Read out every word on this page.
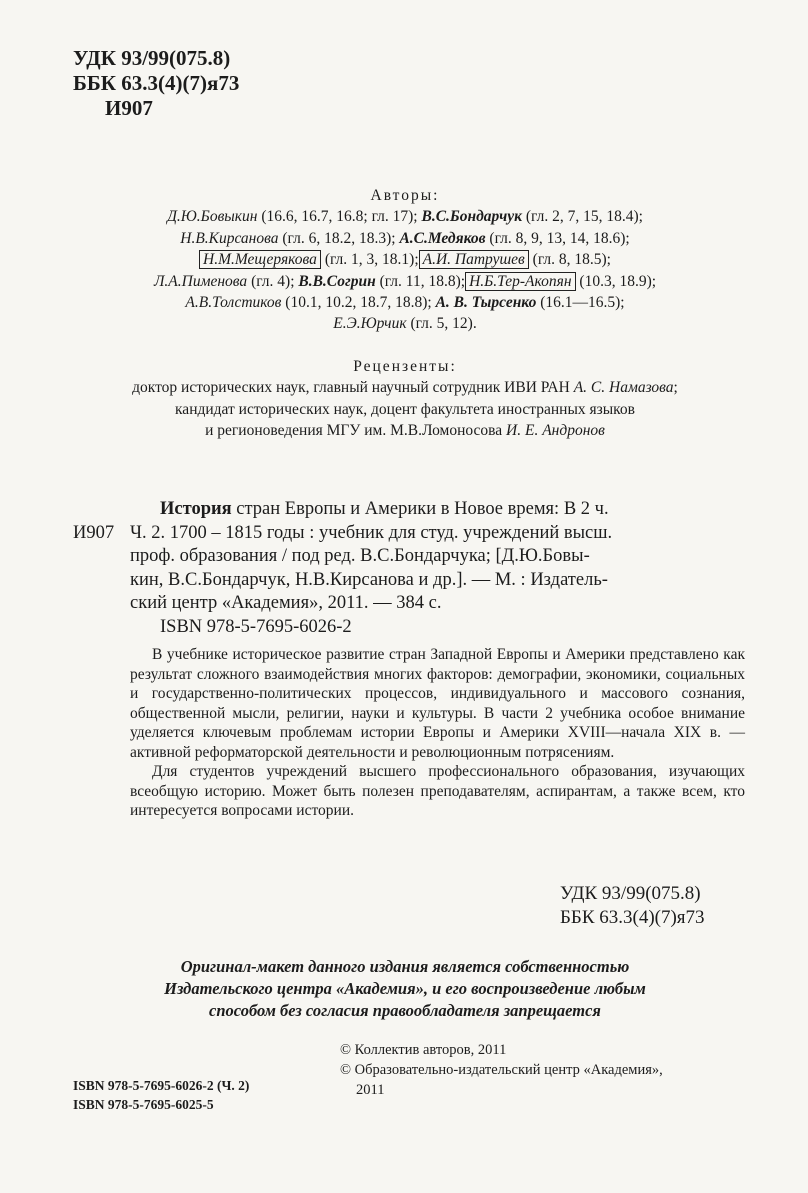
УДК 93/99(075.8)
ББК 63.3(4)(7)я73
И907
Авторы:
Д.Ю.Бовыкин (16.6, 16.7, 16.8; гл. 17); В.С.Бондарчук (гл. 2, 7, 15, 18.4);
Н.В.Кирсанова (гл. 6, 18.2, 18.3); А.С.Медяков (гл. 8, 9, 13, 14, 18.6);
Н.М.Мещерякова (гл. 1, 3, 18.1); А.И. Патрушев (гл. 8, 18.5);
Л.А.Пименова (гл. 4); В.В.Согрин (гл. 11, 18.8); Н.Б.Тер-Акопян (10.3, 18.9);
А.В.Толстиков (10.1, 10.2, 18.7, 18.8); А. В. Тырсенко (16.1—16.5);
Е.Э.Юрчик (гл. 5, 12).
Рецензенты:
доктор исторических наук, главный научный сотрудник ИВИ РАН А. С. Намазова;
кандидат исторических наук, доцент факультета иностранных языков
и регионоведения МГУ им. М.В.Ломоносова И. Е. Андронов
История стран Европы и Америки в Новое время: В 2 ч.
И907 Ч. 2. 1700 – 1815 годы : учебник для студ. учреждений высш.
проф. образования / под ред. В.С.Бондарчука; [Д.Ю.Бовы-
кин, В.С.Бондарчук, Н.В.Кирсанова и др.]. — М. : Издатель-
ский центр «Академия», 2011. — 384 с.
ISBN 978-5-7695-6026-2

В учебнике историческое развитие стран Западной Европы и Америки представлено как результат сложного взаимодействия многих факторов: демографии, экономики, социальных и государственно-политических процессов, индивидуального и массового сознания, общественной мысли, религии, науки и культуры. В части 2 учебника особое внимание уделяется ключевым проблемам истории Европы и Америки XVIII—начала XIX в. — активной реформаторской деятельности и революционным потрясениям.

Для студентов учреждений высшего профессионального образования, изучающих всеобщую историю. Может быть полезен преподавателям, аспирантам, а также всем, кто интересуется вопросами истории.

УДК 93/99(075.8)
ББК 63.3(4)(7)я73
Оригинал-макет данного издания является собственностью
Издательского центра «Академия», и его воспроизведение любым
способом без согласия правообладателя запрещается
© Коллектив авторов, 2011
© Образовательно-издательский центр «Академия»,
2011
ISBN 978-5-7695-6026-2 (Ч. 2)
ISBN 978-5-7695-6025-5
